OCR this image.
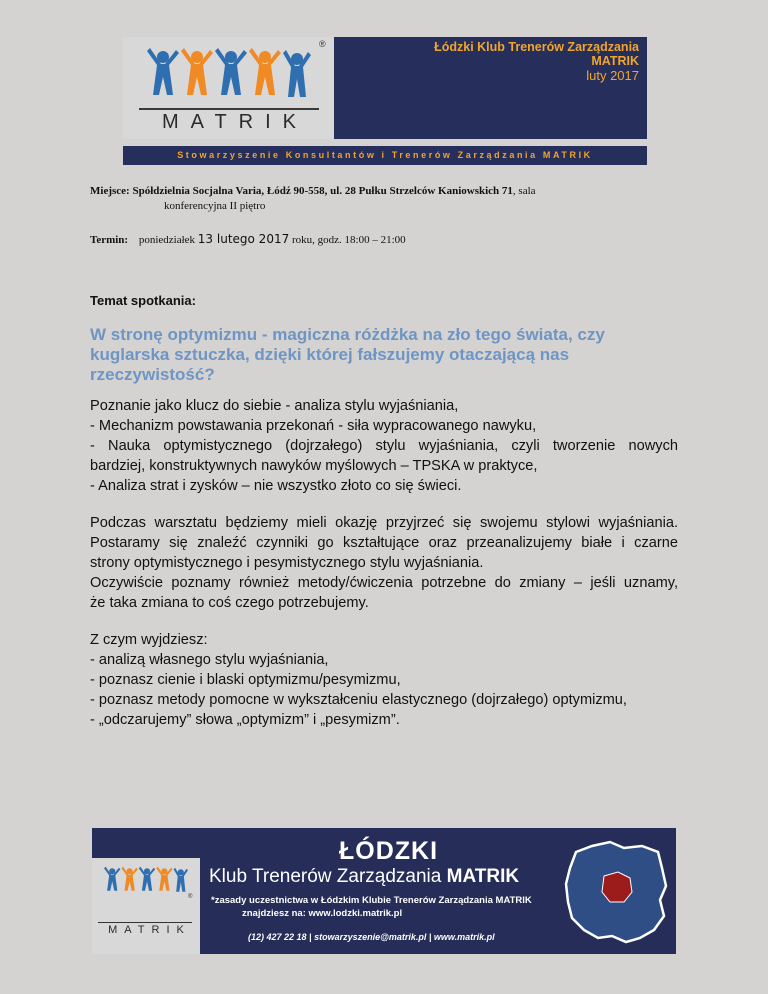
®
MATRIK
Łódzki Klub Trenerów Zarządzania
MATRIK
luty 2017
Stowarzyszenie Konsultantów i Trenerów Zarządzania MATRIK
Miejsce: Spółdzielnia Socjalna Varia, Łódź 90-558, ul. 28 Pułku Strzelców Kaniowskich 71, sala
konferencyjna II piętro
Termin: poniedziałek 13 lutego 2017 roku, godz. 18:00 – 21:00
Temat spotkania:
W stronę optymizmu - magiczna różdżka na zło tego świata, czy kuglarska sztuczka, dzięki której fałszujemy otaczającą nas rzeczywistość?
Poznanie jako klucz do siebie - analiza stylu wyjaśniania,
- Mechanizm powstawania przekonań - siła wypracowanego nawyku,
- Nauka optymistycznego (dojrzałego) stylu wyjaśniania, czyli tworzenie nowych
bardziej, konstruktywnych nawyków myślowych – TPSKA w praktyce,
- Analiza strat i zysków – nie wszystko złoto co się świeci.
Podczas warsztatu będziemy mieli okazję przyjrzeć się swojemu stylowi wyjaśniania.
Postaramy się znaleźć czynniki go kształtujące oraz przeanalizujemy białe i czarne
strony optymistycznego i pesymistycznego stylu wyjaśniania.
Oczywiście poznamy również metody/ćwiczenia potrzebne do zmiany – jeśli uznamy,
że taka zmiana to coś czego potrzebujemy.
Z czym wyjdziesz:
- analizą własnego stylu wyjaśniania,
- poznasz cienie i blaski optymizmu/pesymizmu,
- poznasz metody pomocne w wykształceniu elastycznego (dojrzałego) optymizmu,
- „odczarujemy” słowa „optymizm” i „pesymizm”.
®
MATRIK
ŁÓDZKI
Klub Trenerów Zarządzania MATRIK
*zasady uczestnictwa w Łódzkim Klubie Trenerów Zarządzania MATRIK
znajdziesz na: www.lodzki.matrik.pl
(12) 427 22 18 | stowarzyszenie@matrik.pl | www.matrik.pl
